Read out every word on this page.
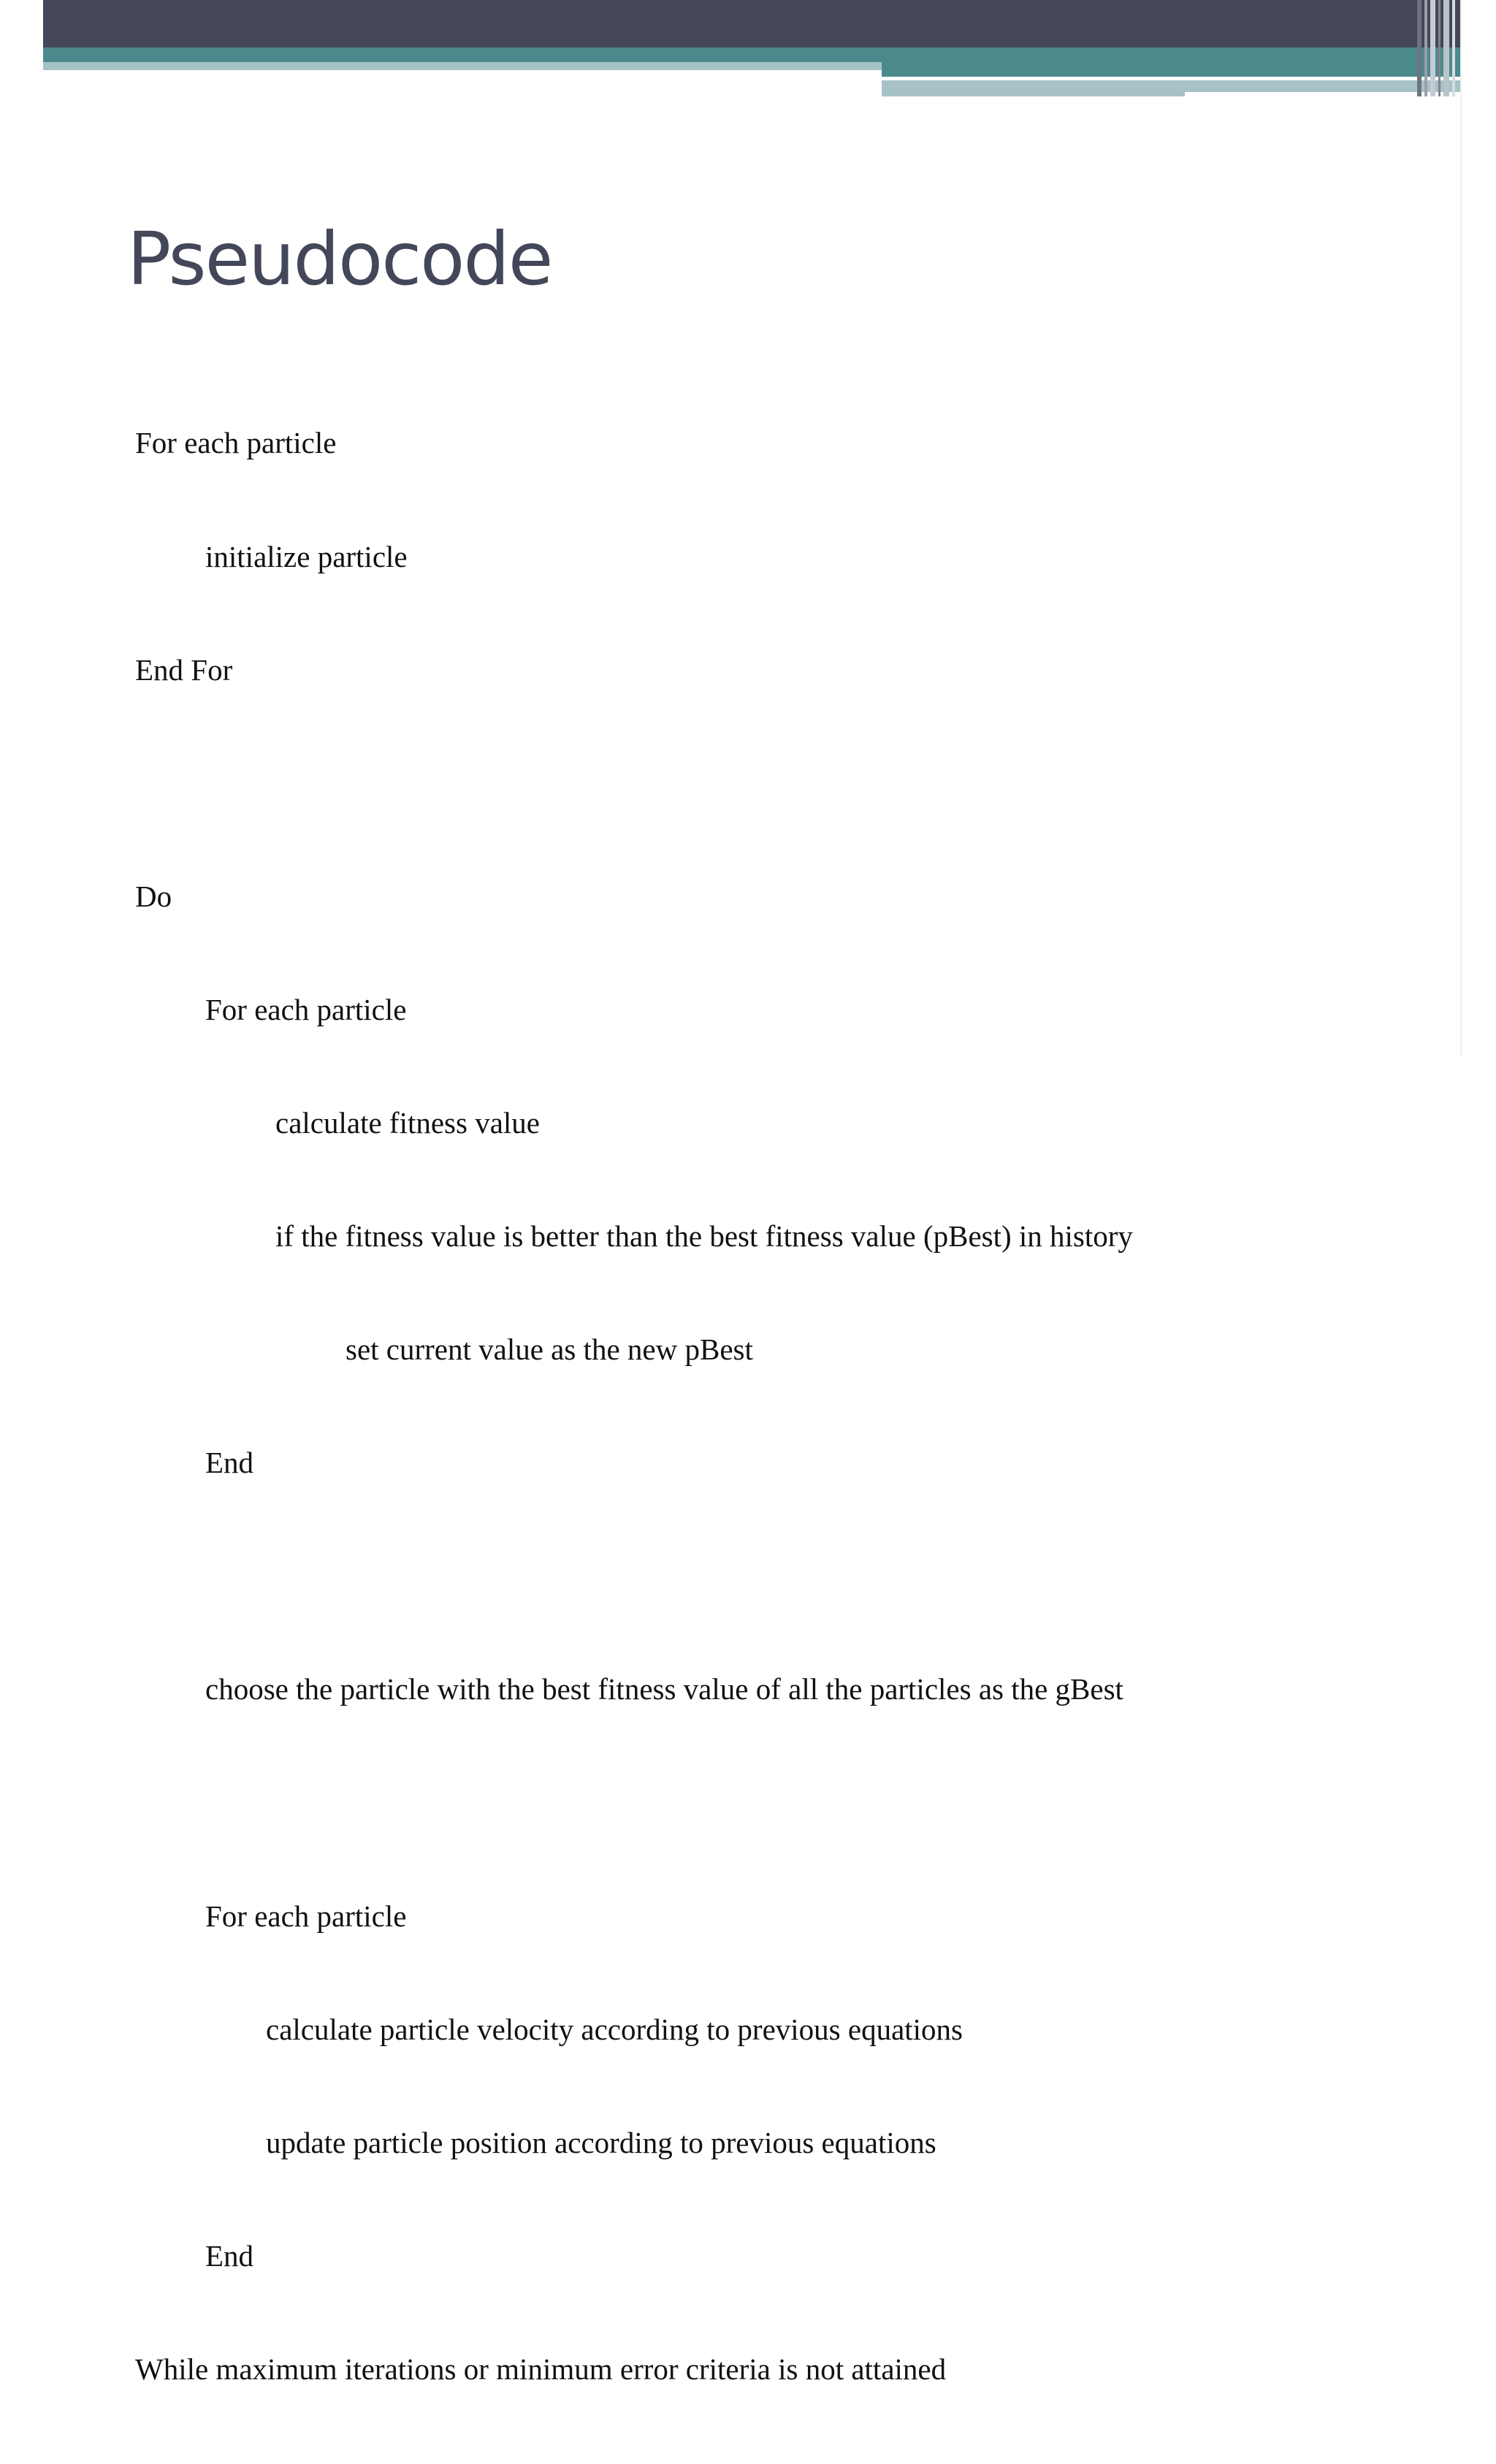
Pseudocode

For each particle

initialize particle

End For

Do

For each particle

calculate fitness value

if the fitness value is better than the best fitness value (pBest) in history

set current value as the new pBest

End

choose the particle with the best fitness value of all the particles as the gBest

For each particle

calculate particle velocity according to previous equations

update particle position according to previous equations

End

While maximum iterations or minimum error criteria is not attained
